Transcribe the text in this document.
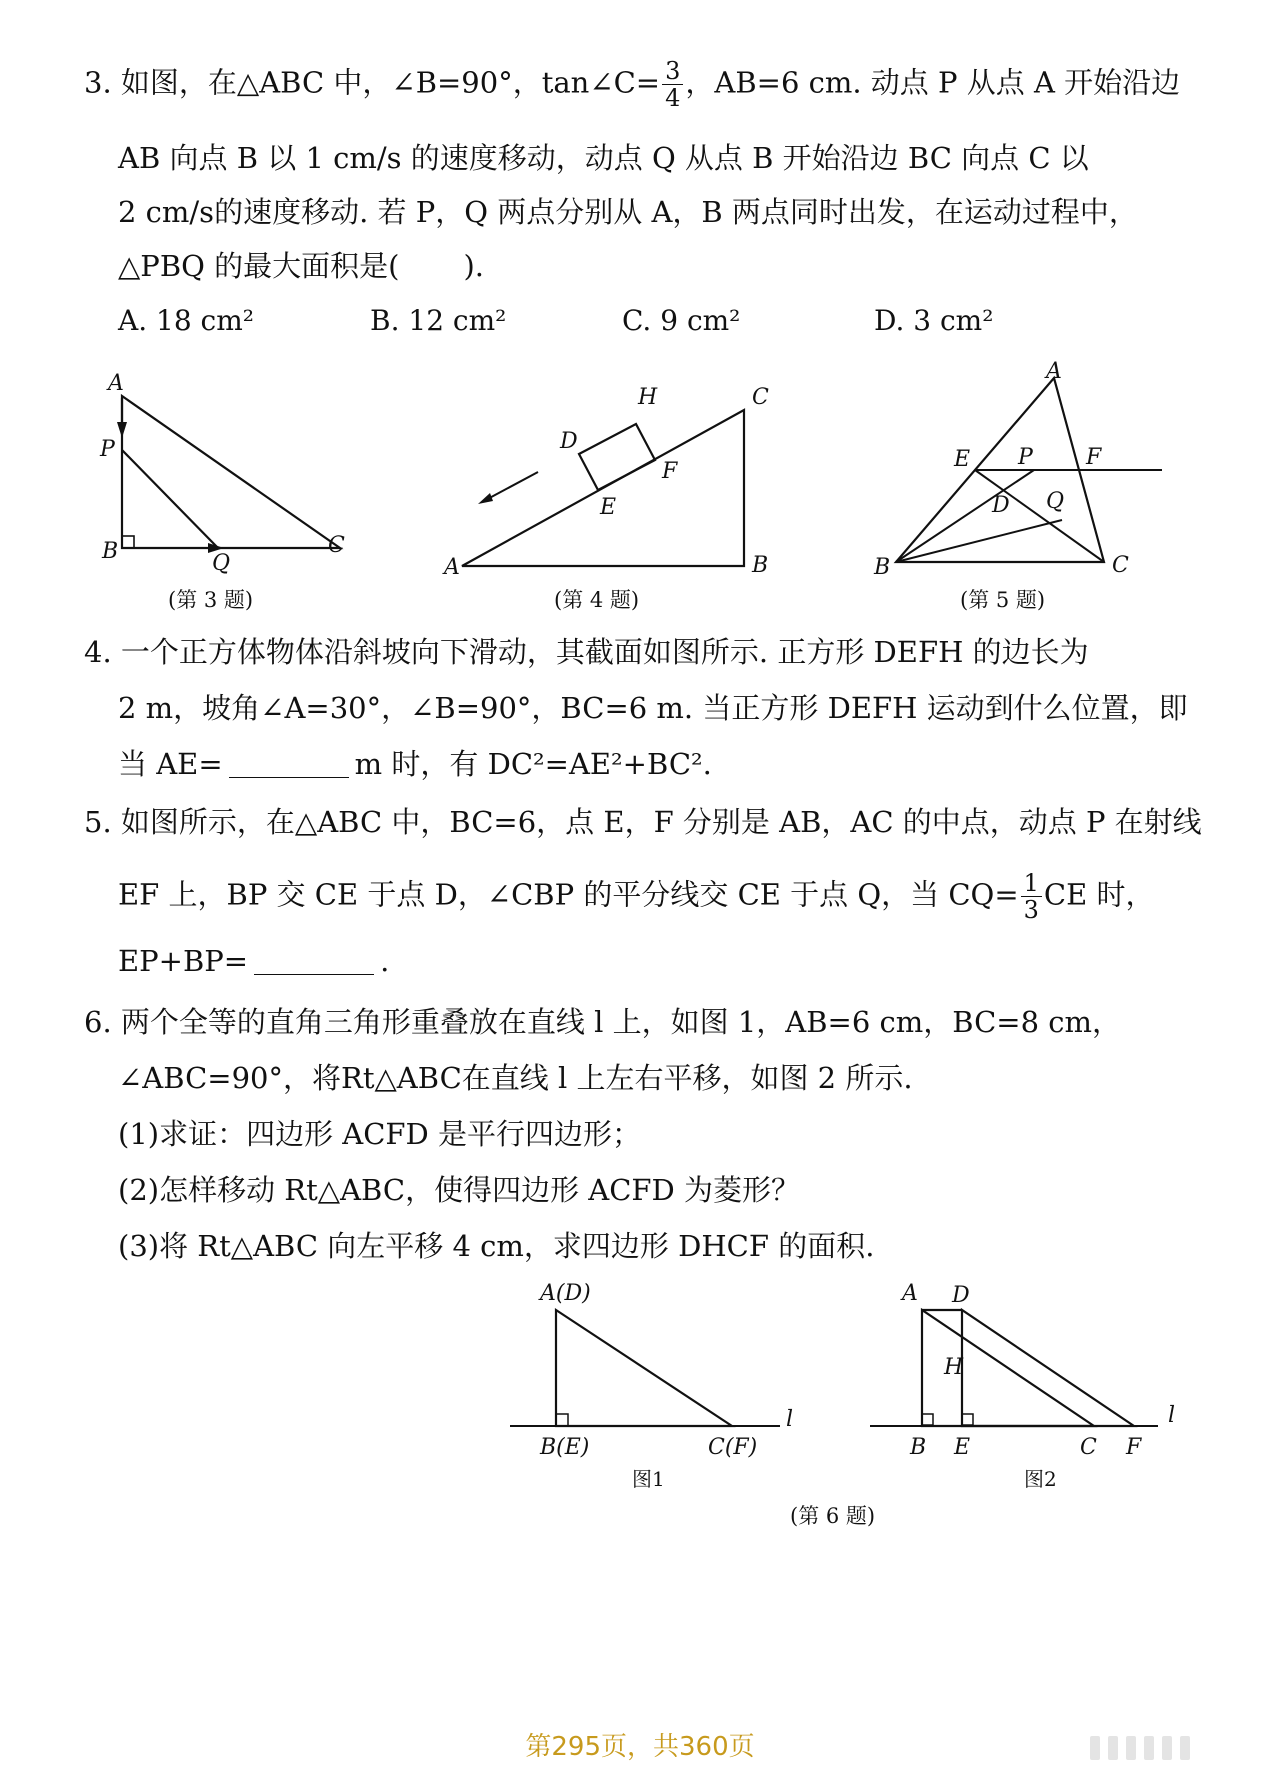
3. 如图，在△ABC 中，∠B=90°，tan∠C= $\frac{3}{4}$ ，AB=6 cm. 动点 P 从点 A 开始沿边
AB 向点 B 以 1 cm/s 的速度移动，动点 Q 从点 B 开始沿边 BC 向点 C 以
2 cm/s的速度移动. 若 P，Q 两点分别从 A，B 两点同时出发，在运动过程中，
△PBQ 的最大面积是( ).
A. 18 cm²	B. 12 cm²	C. 9 cm²	D. 3 cm²
A
P
B	Q
C
(第 3 题)
H	C
D
F
E
A	B
(第 4 题)
E
A
P F
D Q
B	C
(第 5 题)
4. 一个正方体物体沿斜坡向下滑动，其截面如图所示. 正方形 DEFH 的边长为
2 m，坡角∠A=30°，∠B=90°，BC=6 m. 当正方形 DEFH 运动到什么位置，即
当 AE=	m 时，有 DC²=AE²+BC².
5. 如图所示，在△ABC 中，BC=6，点 E，F 分别是 AB，AC 的中点，动点 P 在射线
EF 上，BP 交 CE 于点 D，∠CBP 的平分线交 CE 于点 Q，当 $CQ= \frac{1}{3}$ CE 时，
EP+BP=	.
6. 两个全等的直角三角形重叠放在直线 l 上，如图 1，AB=6 cm，BC=8 cm，
∠ABC=90°，将Rt△ABC在直线 l 上左右平移，如图 2 所示.
(1)求证：四边形 ACFD 是平行四边形；
(2)怎样移动 Rt△ABC，使得四边形 ACFD 为菱形？
(3)将 Rt△ABC 向左平移 4 cm，求四边形 DHCF 的面积.
A(D)
B(E)	C(F)
l
图1
A D
H
B E	C F
l
图2
(第 6 题)
第295页，共360页
